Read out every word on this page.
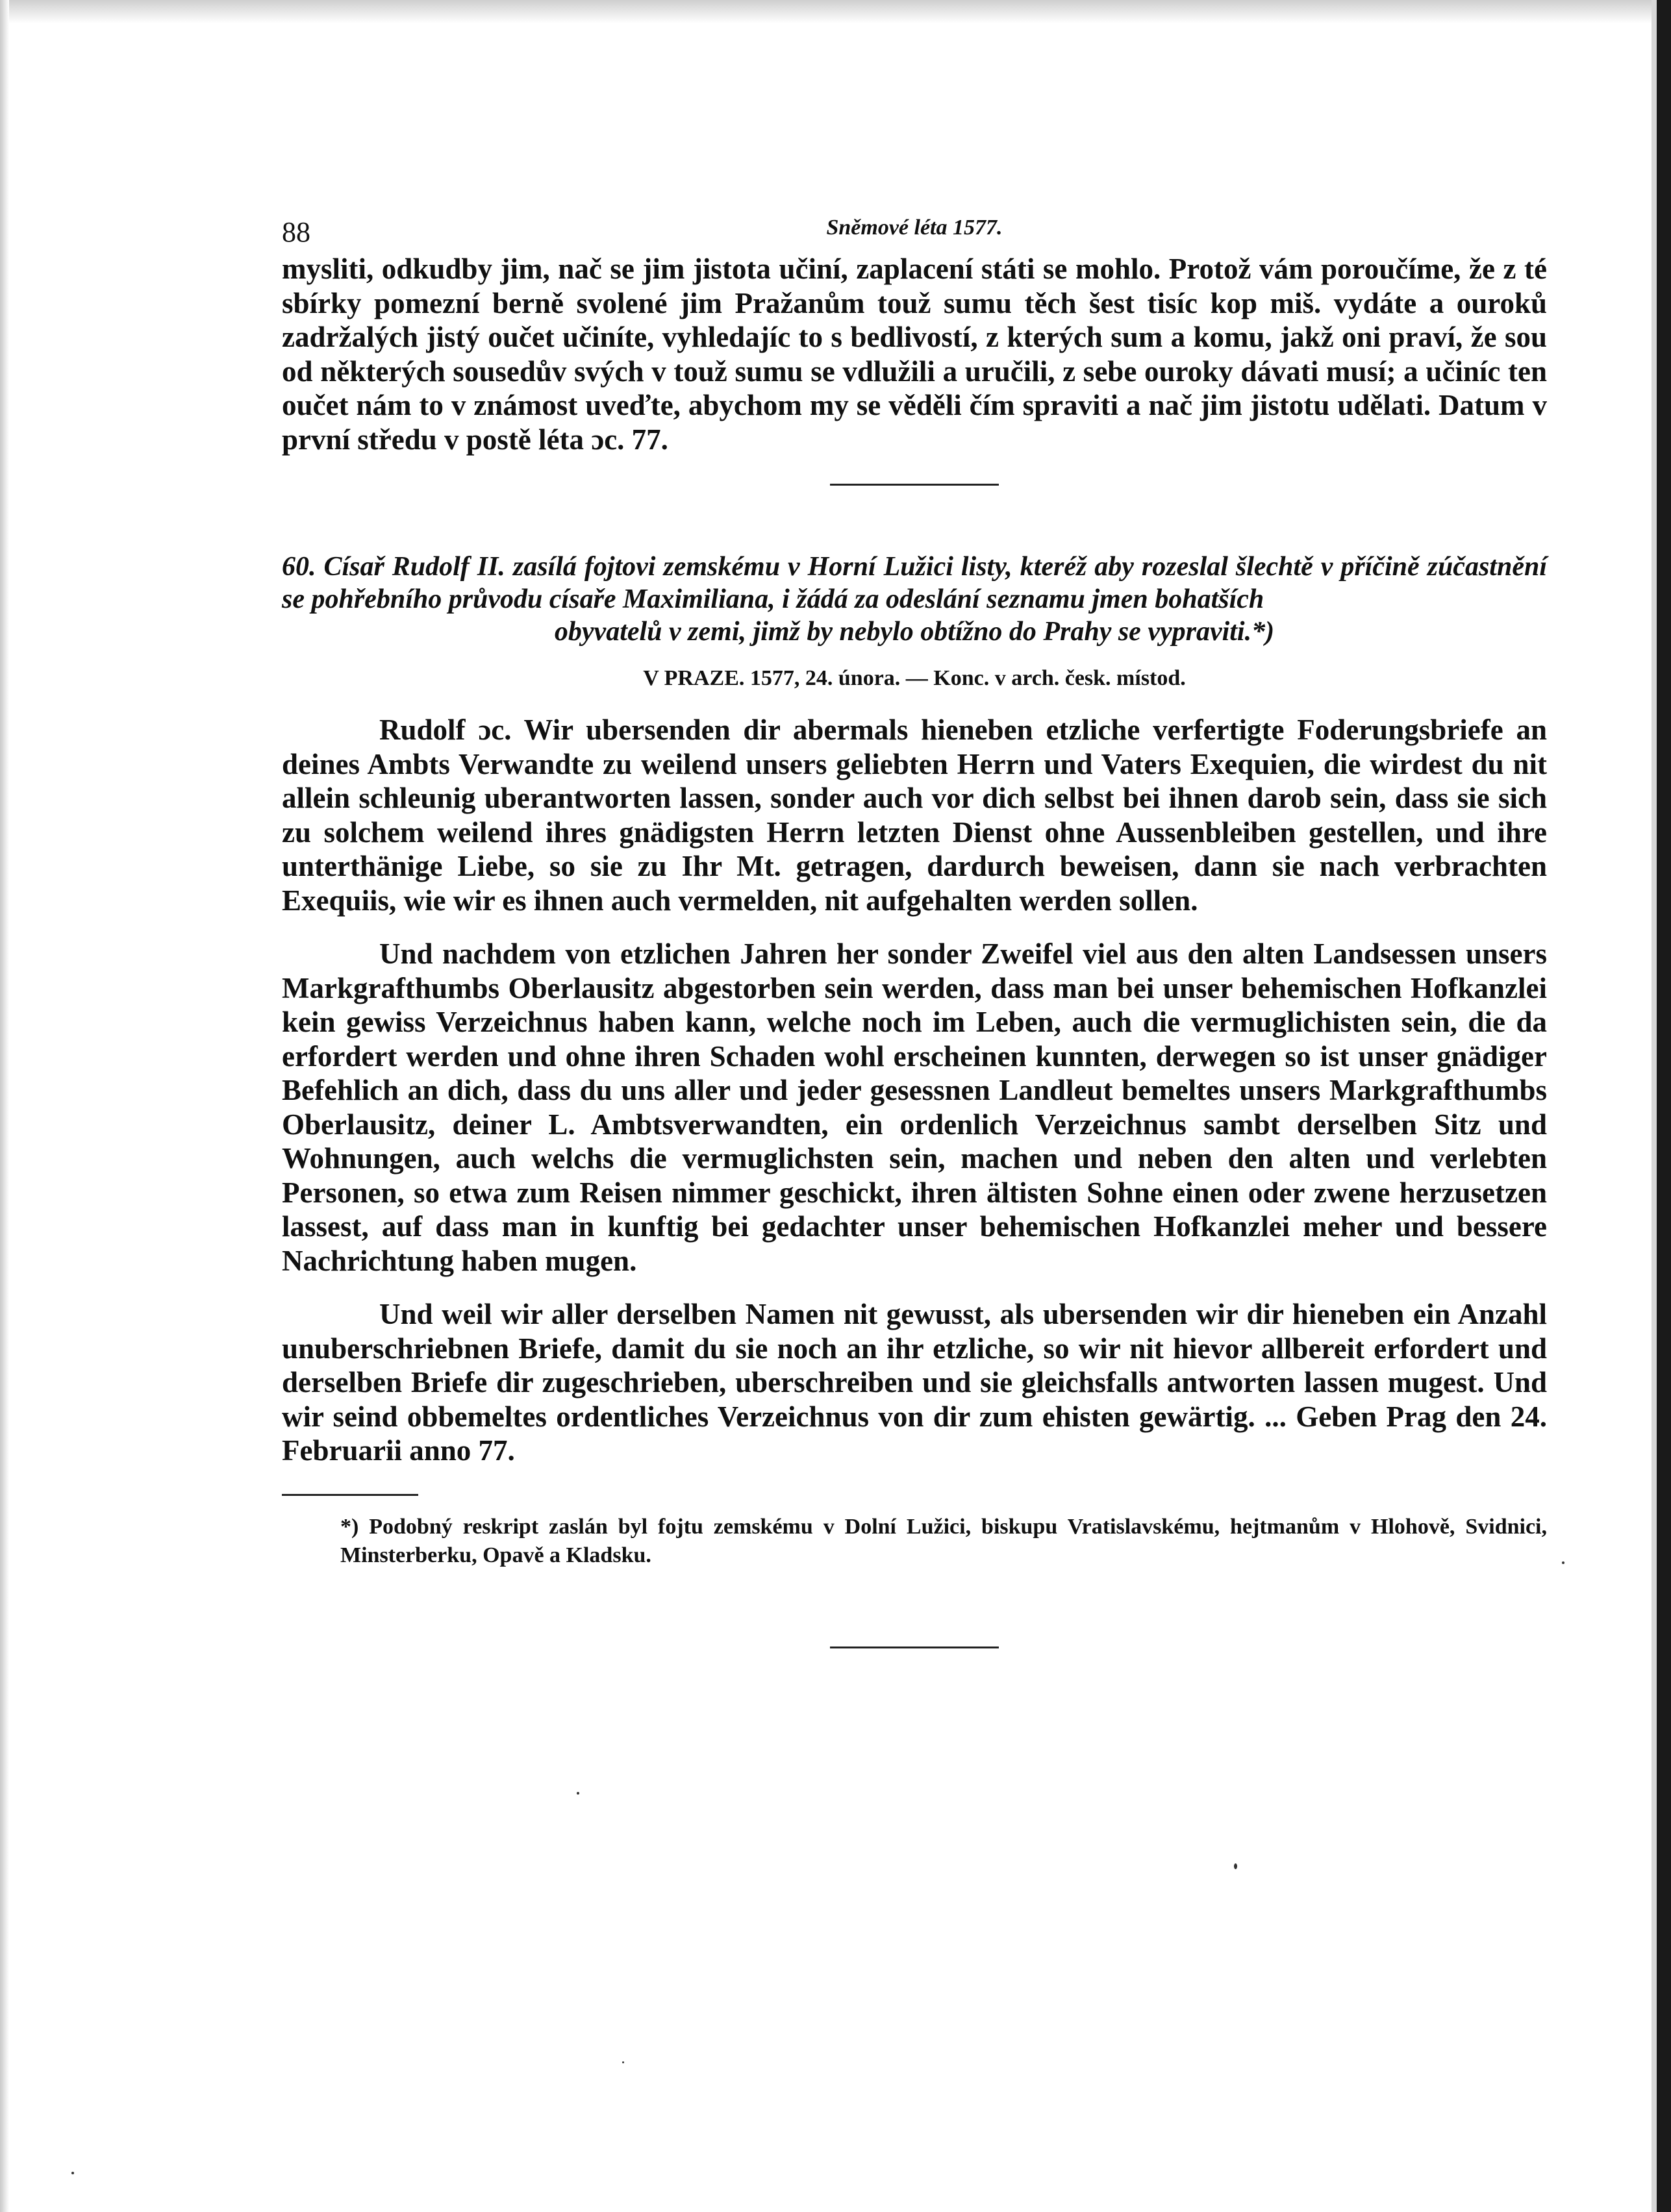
88	Sněmové léta 1577.

mysliti, odkudby jim, nač se jim jistota učiní, zaplacení státi se mohlo. Protož vám poroučíme, že z té sbírky pomezní berně svolené jim Pražanům touž sumu těch šest tisíc kop miš. vydáte a ouroků zadržalých jistý oučet učiníte, vyhledajíc to s bedlivostí, z kterých sum a komu, jakž oni praví, že sou od některých sousedův svých v touž sumu se vdlužili a uručili, z sebe ouroky dávati musí; a učiníc ten oučet nám to v známost uveďte, abychom my se věděli čím spraviti a nač jim jistotu udělati. Datum v první středu v postě léta ɔc. 77.

60. Císař Rudolf II. zasílá fojtovi zemskému v Horní Lužici listy, kteréž aby rozeslal šlechtě v příčině zúčastnění se pohřebního průvodu císaře Maximiliana, i žádá za odeslání seznamu jmen bohatších
obyvatelů v zemi, jimž by nebylo obtížno do Prahy se vypraviti.*)

V PRAZE. 1577, 24. února. — Konc. v arch. česk. místod.

Rudolf ɔc. Wir ubersenden dir abermals hieneben etzliche verfertigte Foderungsbriefe an deines Ambts Verwandte zu weilend unsers geliebten Herrn und Vaters Exequien, die wirdest du nit allein schleunig uberantworten lassen, sonder auch vor dich selbst bei ihnen darob sein, dass sie sich zu solchem weilend ihres gnädigsten Herrn letzten Dienst ohne Aussenbleiben gestellen, und ihre unterthänige Liebe, so sie zu Ihr Mt. getragen, dardurch beweisen, dann sie nach verbrachten Exequiis, wie wir es ihnen auch vermelden, nit aufgehalten werden sollen.

Und nachdem von etzlichen Jahren her sonder Zweifel viel aus den alten Landsessen unsers Markgrafthumbs Oberlausitz abgestorben sein werden, dass man bei unser behemischen Hofkanzlei kein gewiss Verzeichnus haben kann, welche noch im Leben, auch die vermuglichisten sein, die da erfordert werden und ohne ihren Schaden wohl erscheinen kunnten, derwegen so ist unser gnädiger Befehlich an dich, dass du uns aller und jeder gesessnen Landleut bemeltes unsers Markgrafthumbs Oberlausitz, deiner L. Ambtsverwandten, ein ordenlich Verzeichnus sambt derselben Sitz und Wohnungen, auch welchs die vermuglichsten sein, machen und neben den alten und verlebten Personen, so etwa zum Reisen nimmer geschickt, ihren ältisten Sohne einen oder zwene herzusetzen lassest, auf dass man in kunftig bei gedachter unser behemischen Hofkanzlei meher und bessere Nachrichtung haben mugen.

Und weil wir aller derselben Namen nit gewusst, als ubersenden wir dir hieneben ein Anzahl unuberschriebnen Briefe, damit du sie noch an ihr etzliche, so wir nit hievor allbereit erfordert und derselben Briefe dir zugeschrieben, uberschreiben und sie gleichsfalls antworten lassen mugest. Und wir seind obbemeltes ordentliches Verzeichnus von dir zum ehisten gewärtig. ... Geben Prag den 24. Februarii anno 77.

*) Podobný reskript zaslán byl fojtu zemskému v Dolní Lužici, biskupu Vratislavskému, hejtmanům v Hlohově, Svidnici, Minsterberku, Opavě a Kladsku.
